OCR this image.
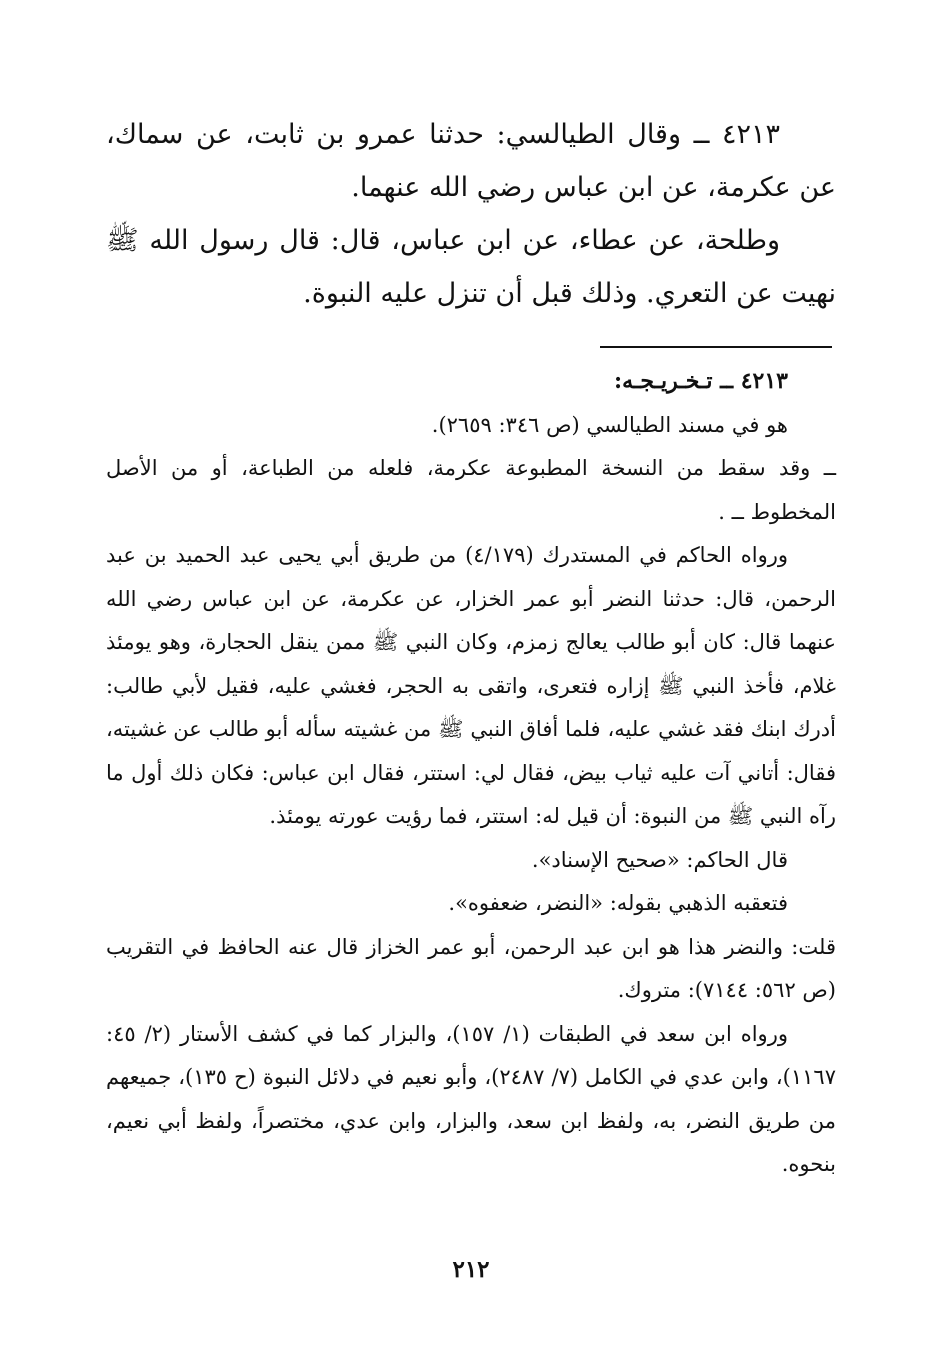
٤٢١٣ ــ وقال الطيالسي: حدثنا عمرو بن ثابت، عن سماك، عن عكرمة، عن ابن عباس رضي الله عنهما.

وطلحة، عن عطاء، عن ابن عباس، قال: قال رسول الله ﷺ نهيت عن التعري. وذلك قبل أن تنزل عليه النبوة.

٤٢١٣ ــ تـخـريـجـه:

هو في مسند الطيالسي (ص ٣٤٦: ٢٦٥٩).

ــ وقد سقط من النسخة المطبوعة عكرمة، فلعله من الطباعة، أو من الأصل المخطوط ــ .

ورواه الحاكم في المستدرك (٤/١٧٩) من طريق أبي يحيى عبد الحميد بن عبد الرحمن، قال: حدثنا النضر أبو عمر الخزار، عن عكرمة، عن ابن عباس رضي الله عنهما قال: كان أبو طالب يعالج زمزم، وكان النبي ﷺ ممن ينقل الحجارة، وهو يومئذ غلام، فأخذ النبي ﷺ إزاره فتعرى، واتقى به الحجر، فغشي عليه، فقيل لأبي طالب: أدرك ابنك فقد غشي عليه، فلما أفاق النبي ﷺ من غشيته سأله أبو طالب عن غشيته، فقال: أتاني آت عليه ثياب بيض، فقال لي: استتر، فقال ابن عباس: فكان ذلك أول ما رآه النبي ﷺ من النبوة: أن قيل له: استتر، فما رؤيت عورته يومئذ.

قال الحاكم: «صحيح الإسناد».

فتعقبه الذهبي بقوله: «النضر، ضعفوه».

قلت: والنضر هذا هو ابن عبد الرحمن، أبو عمر الخزاز قال عنه الحافظ في التقريب (ص ٥٦٢: ٧١٤٤): متروك.

ورواه ابن سعد في الطبقات (١/ ١٥٧)، والبزار كما في كشف الأستار (٢/ ٤٥: ١١٦٧)، وابن عدي في الكامل (٧/ ٢٤٨٧)، وأبو نعيم في دلائل النبوة (ح ١٣٥)، جميعهم من طريق النضر، به، ولفظ ابن سعد، والبزار، وابن عدي، مختصراً، ولفظ أبي نعيم، بنحوه.

٢١٢
